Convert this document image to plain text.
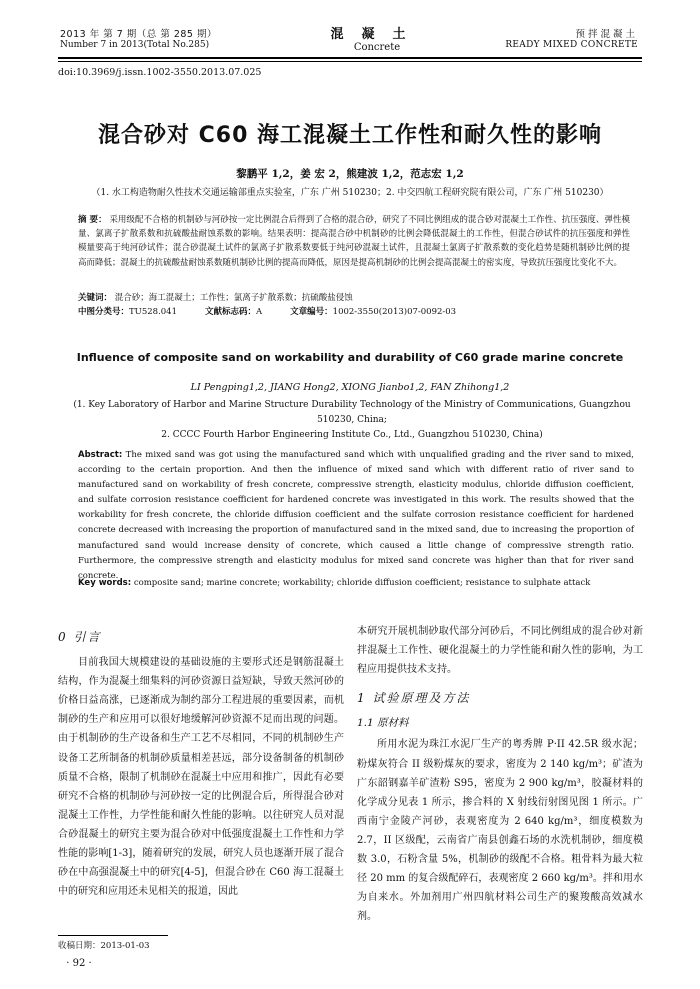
2013 年 第 7 期（总 第 285 期）
Number 7 in 2013(Total No.285)
混凝土
Concrete
预拌混凝土
READY MIXED CONCRETE
doi:10.3969/j.issn.1002-3550.2013.07.025
混合砂对 C60 海工混凝土工作性和耐久性的影响
黎鹏平 1,2，姜 宏 2，熊建波 1,2，范志宏 1,2
（1. 水工构造物耐久性技术交通运输部重点实验室，广东 广州 510230；2. 中交四航工程研究院有限公司，广东 广州 510230）
摘 要： 采用级配不合格的机制砂与河砂按一定比例混合后得到了合格的混合砂，研究了不同比例组成的混合砂对混凝土工作性、抗压强度、弹性模量、氯离子扩散系数和抗硫酸盐耐蚀系数的影响。结果表明：提高混合砂中机制砂的比例会降低混凝土的工作性，但混合砂试件的抗压强度和弹性模量要高于纯河砂试件；混合砂混凝土试件的氯离子扩散系数要低于纯河砂混凝土试件，且混凝土氯离子扩散系数的变化趋势是随机制砂比例的提高而降低；混凝土的抗硫酸盐耐蚀系数随机制砂比例的提高而降低，原因是提高机制砂的比例会提高混凝土的密实度，导致抗压强度比变化不大。
关键词： 混合砂；海工混凝土；工作性；氯离子扩散系数；抗硫酸盐侵蚀
中图分类号：TU528.041	文献标志码：A	文章编号：1002-3550(2013)07-0092-03
Influence of composite sand on workability and durability of C60 grade marine concrete
LI Pengping1,2, JIANG Hong2, XIONG Jianbo1,2, FAN Zhihong1,2
(1. Key Laboratory of Harbor and Marine Structure Durability Technology of the Ministry of Communications, Guangzhou 510230, China;
2. CCCC Fourth Harbor Engineering Institute Co., Ltd., Guangzhou 510230, China)
Abstract: The mixed sand was got using the manufactured sand which with unqualified grading and the river sand to mixed, according to the certain proportion. And then the influence of mixed sand which with different ratio of river sand to manufactured sand on workability of fresh concrete, compressive strength, elasticity modulus, chloride diffusion coefficient, and sulfate corrosion resistance coefficient for hardened concrete was investigated in this work. The results showed that the workability for fresh concrete, the chloride diffusion coefficient and the sulfate corrosion resistance coefficient for hardened concrete decreased with increasing the proportion of manufactured sand in the mixed sand, due to increasing the proportion of manufactured sand would increase density of concrete, which caused a little change of compressive strength ratio. Furthermore, the compressive strength and elasticity modulus for mixed sand concrete was higher than that for river sand concrete.
Key words: composite sand; marine concrete; workability; chloride diffusion coefficient; resistance to sulphate attack
0 引言

目前我国大规模建设的基础设施的主要形式还是钢筋混凝土结构，作为混凝土细集料的河砂资源日益短缺，导致天然河砂的价格日益高涨，已逐渐成为制约部分工程进展的重要因素，而机制砂的生产和应用可以很好地缓解河砂资源不足而出现的问题。由于机制砂的生产设备和生产工艺不尽相同，不同的机制砂生产设备工艺所制备的机制砂质量相差甚远，部分设备制备的机制砂质量不合格，限制了机制砂在混凝土中应用和推广，因此有必要研究不合格的机制砂与河砂按一定的比例混合后，所得混合砂对混凝土工作性，力学性能和耐久性能的影响。以往研究人员对混合砂混凝土的研究主要为混合砂对中低强度混凝土工作性和力学性能的影响[1-3]，随着研究的发展，研究人员也逐渐开展了混合砂在中高强混凝土中的研究[4-5]，但混合砂在 C60 海工混凝土中的研究和应用还未见相关的报道，因此

本研究开展机制砂取代部分河砂后，不同比例组成的混合砂对新拌混凝土工作性、硬化混凝土的力学性能和耐久性的影响，为工程应用提供技术支持。

1 试验原理及方法
1.1 原材料

所用水泥为珠江水泥厂生产的粤秀牌 P·II 42.5R 级水泥；粉煤灰符合 II 级粉煤灰的要求，密度为 2 140 kg/m³；矿渣为广东韶钢嘉羊矿渣粉 S95，密度为 2 900 kg/m³，胶凝材料的化学成分见表 1 所示，掺合料的 X 射线衍射图见图 1 所示。广西南宁金陵产河砂，表观密度为 2 640 kg/m³，细度模数为 2.7，II 区级配，云南省广南县创鑫石场的水洗机制砂，细度模数 3.0，石粉含量 5%，机制砂的级配不合格。粗骨料为最大粒径 20 mm 的复合级配碎石，表观密度 2 660 kg/m³。拌和用水为自来水。外加剂用广州四航材料公司生产的聚羧酸高效减水剂。

收稿日期：2013-01-03
· 92 ·
